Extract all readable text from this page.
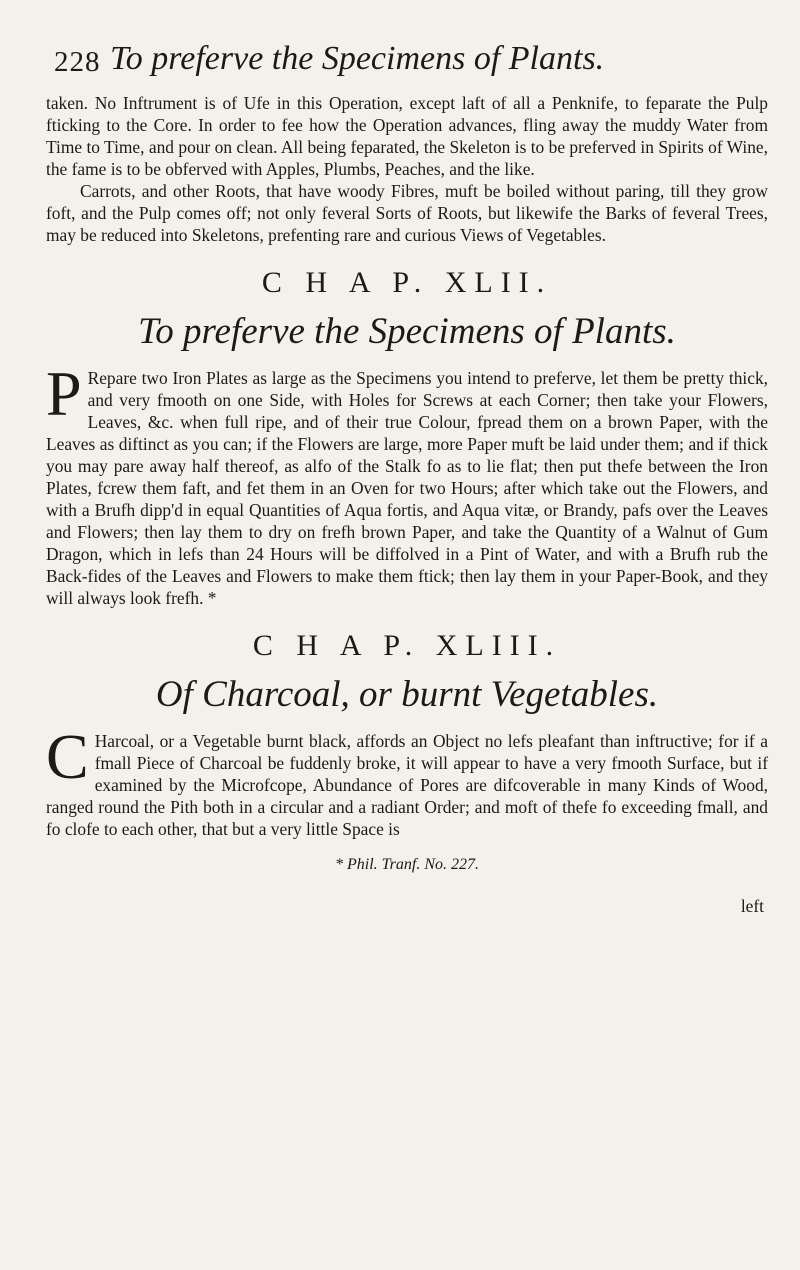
228 To preferve the Specimens of Plants.

taken. No Inftrument is of Ufe in this Operation, except laft of all a Penknife, to feparate the Pulp fticking to the Core. In order to fee how the Operation advances, fling away the muddy Water from Time to Time, and pour on clean. All being feparated, the Skeleton is to be preferved in Spirits of Wine, the fame is to be obferved with Apples, Plumbs, Peaches, and the like.

Carrots, and other Roots, that have woody Fibres, muft be boiled without paring, till they grow foft, and the Pulp comes off; not only feveral Sorts of Roots, but likewife the Barks of feveral Trees, may be reduced into Skeletons, prefenting rare and curious Views of Vegetables.

C H A P. XLII.
To preferve the Specimens of Plants.

P Repare two Iron Plates as large as the Specimens you intend to preferve, let them be pretty thick, and very fmooth on one Side, with Holes for Screws at each Corner; then take your Flowers, Leaves, &c. when full ripe, and of their true Colour, fpread them on a brown Paper, with the Leaves as diftinct as you can; if the Flowers are large, more Paper muft be laid under them; and if thick you may pare away half thereof, as alfo of the Stalk fo as to lie flat; then put thefe between the Iron Plates, fcrew them faft, and fet them in an Oven for two Hours; after which take out the Flowers, and with a Brufh dipp'd in equal Quantities of Aqua fortis, and Aqua vitæ, or Brandy, pafs over the Leaves and Flowers; then lay them to dry on frefh brown Paper, and take the Quantity of a Walnut of Gum Dragon, which in lefs than 24 Hours will be diffolved in a Pint of Water, and with a Brufh rub the Back-fides of the Leaves and Flowers to make them ftick; then lay them in your Paper-Book, and they will always look frefh. *

C H A P. XLIII.
Of Charcoal, or burnt Vegetables.

C Harcoal, or a Vegetable burnt black, affords an Object no lefs pleafant than inftructive; for if a fmall Piece of Charcoal be fuddenly broke, it will appear to have a very fmooth Surface, but if examined by the Microfcope, Abundance of Pores are difcoverable in many Kinds of Wood, ranged round the Pith both in a circular and a radiant Order; and moft of thefe fo exceeding fmall, and fo clofe to each other, that but a very little Space is

* Phil. Tranf. No. 227.
left
